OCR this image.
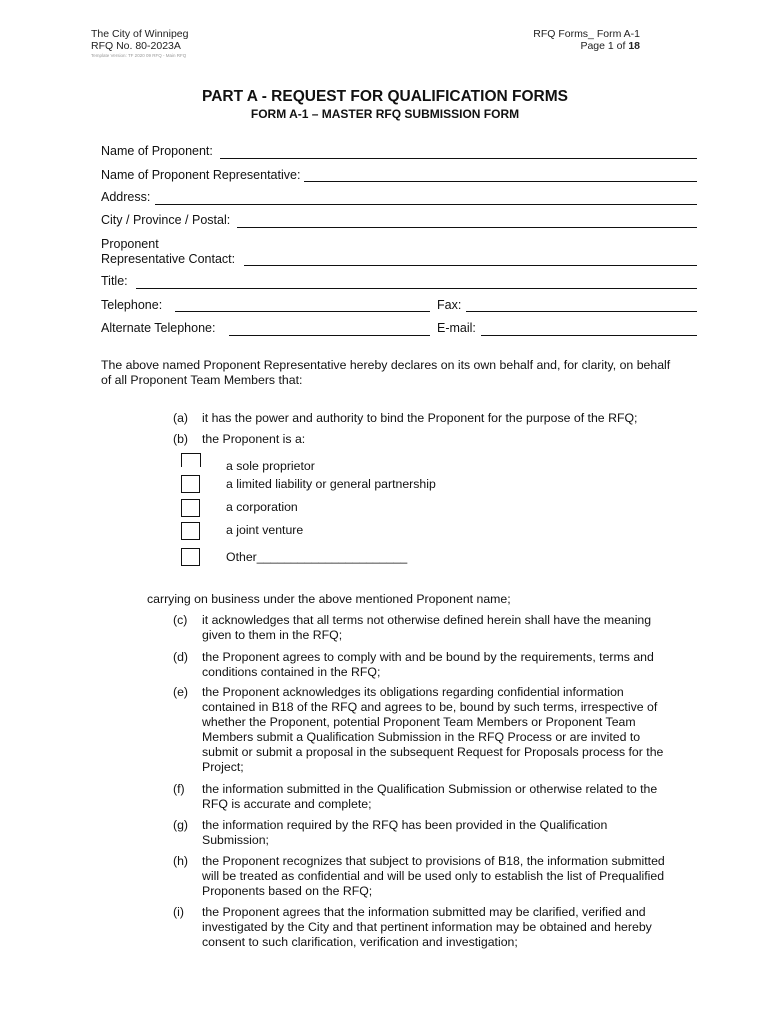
The City of Winnipeg
RFQ No. 80-2023A
Template Version: TF 2020 09 RFQ - Main RFQ
RFQ Forms_ Form A-1
Page 1 of 18
PART A - REQUEST FOR QUALIFICATION FORMS
FORM A-1 – MASTER RFQ SUBMISSION FORM
Name of Proponent:
Name of Proponent Representative:
Address:
City / Province / Postal:
Proponent
Representative Contact:
Title:
Telephone:	Fax:
Alternate Telephone:	E-mail:
The above named Proponent Representative hereby declares on its own behalf and, for clarity, on behalf of all Proponent Team Members that:
(a) it has the power and authority to bind the Proponent for the purpose of the RFQ;
(b) the Proponent is a:
a sole proprietor
a limited liability or general partnership
a corporation
a joint venture
Other______________________
carrying on business under the above mentioned Proponent name;
(c) it acknowledges that all terms not otherwise defined herein shall have the meaning given to them in the RFQ;
(d) the Proponent agrees to comply with and be bound by the requirements, terms and conditions contained in the RFQ;
(e) the Proponent acknowledges its obligations regarding confidential information contained in B18 of the RFQ and agrees to be, bound by such terms, irrespective of whether the Proponent, potential Proponent Team Members or Proponent Team Members submit a Qualification Submission in the RFQ Process or are invited to submit or submit a proposal in the subsequent Request for Proposals process for the Project;
(f) the information submitted in the Qualification Submission or otherwise related to the RFQ is accurate and complete;
(g) the information required by the RFQ has been provided in the Qualification Submission;
(h) the Proponent recognizes that subject to provisions of B18, the information submitted will be treated as confidential and will be used only to establish the list of Prequalified Proponents based on the RFQ;
(i) the Proponent agrees that the information submitted may be clarified, verified and investigated by the City and that pertinent information may be obtained and hereby consent to such clarification, verification and investigation;
